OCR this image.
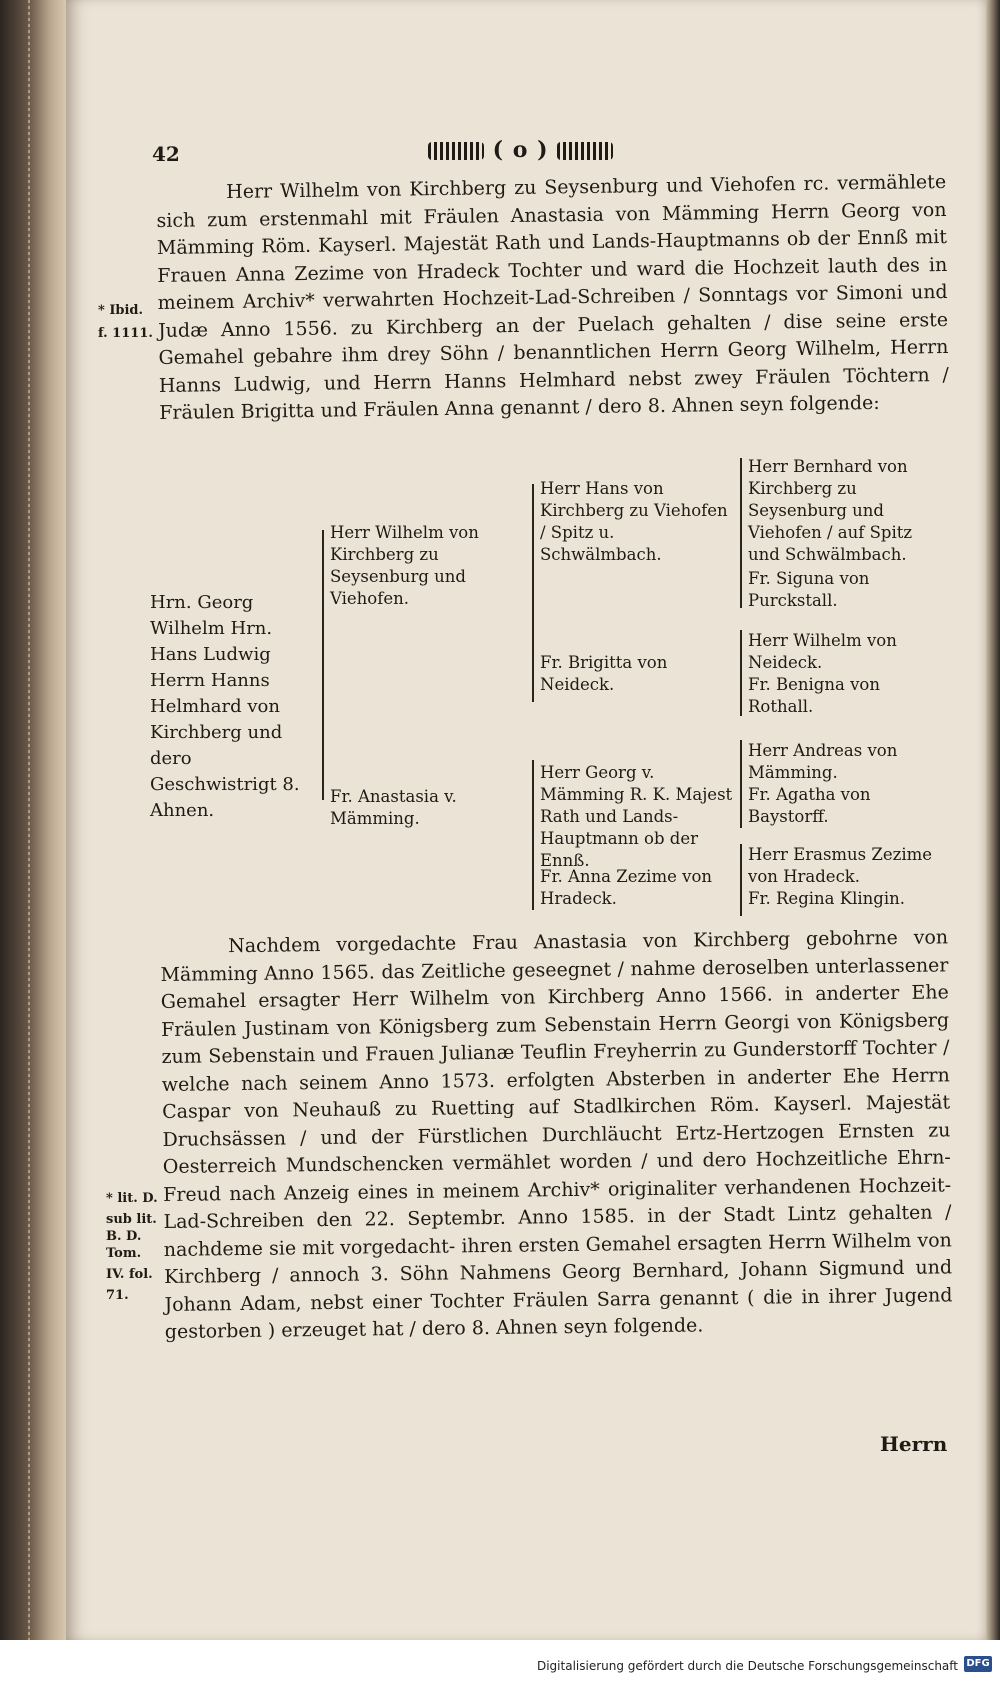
42	( o )
Herr Wilhelm von Kirchberg zu Seysenburg und Viehofen rc. vermählete sich zum erstenmahl mit Fräulen Anastasia von Mämming Herrn Georg von Mämming Röm. Kayserl. Majestät Rath und Lands-Hauptmanns ob der Ennß mit Frauen Anna Zezime von Hradeck Tochter und ward die Hochzeit lauth des in meinem Archiv* verwahrten Hochzeit-Lad-Schreiben / Sonntags vor Simoni und Judæ Anno 1556. zu Kirchberg an der Puelach gehalten / dise seine erste Gemahel gebahre ihm drey Söhn / benanntlichen Herrn Georg Wilhelm, Herrn Hanns Ludwig, und Herrn Hanns Helmhard nebst zwey Fräulen Töchtern / Fräulen Brigitta und Fräulen Anna genannt / dero 8. Ahnen seyn folgende:
* Ibid.
f. 1111.
Hrn. Georg Wilhelm Hrn. Hans Ludwig Herrn Hanns Helmhard von Kirchberg und dero Geschwistrigt 8. Ahnen.
Herr Wilhelm von Kirchberg zu Seysenburg und Viehofen.
Fr. Anastasia v. Mämming.
Herr Hans von Kirchberg zu Viehofen / Spitz u. Schwälmbach.
Fr. Brigitta von Neideck.
Herr Georg v. Mämming R. K. Majest Rath und Lands-Hauptmann ob der Ennß.
Fr. Anna Zezime von Hradeck.
Herr Bernhard von Kirchberg zu Seysenburg und Viehofen / auf Spitz und Schwälmbach.
Fr. Siguna von Purckstall.
Herr Wilhelm von Neideck.
Fr. Benigna von Rothall.
Herr Andreas von Mämming.
Fr. Agatha von Baystorff.
Herr Erasmus Zezime von Hradeck.
Fr. Regina Klingin.
Nachdem vorgedachte Frau Anastasia von Kirchberg gebohrne von Mämming Anno 1565. das Zeitliche geseegnet / nahme deroselben unterlassener Gemahel ersagter Herr Wilhelm von Kirchberg Anno 1566. in anderter Ehe Fräulen Justinam von Königsberg zum Sebenstain Herrn Georgi von Königsberg zum Sebenstain und Frauen Julianæ Teuflin Freyherrin zu Gunderstorff Tochter / welche nach seinem Anno 1573. erfolgten Absterben in anderter Ehe Herrn Caspar von Neuhauß zu Ruetting auf Stadlkirchen Röm. Kayserl. Majestät Druchsässen / und der Fürstlichen Durchläucht Ertz-Hertzogen Ernsten zu Oesterreich Mundschencken vermählet worden / und dero Hochzeitliche Ehrn-Freud nach Anzeig eines in meinem Archiv* originaliter verhandenen Hochzeit-Lad-Schreiben den 22. Septembr. Anno 1585. in der Stadt Lintz gehalten / nachdeme sie mit vorgedacht- ihren ersten Gemahel ersagten Herrn Wilhelm von Kirchberg / annoch 3. Söhn Nahmens Georg Bernhard, Johann Sigmund und Johann Adam, nebst einer Tochter Fräulen Sarra genannt ( die in ihrer Jugend gestorben ) erzeuget hat / dero 8. Ahnen seyn folgende.
* lit. D.
sub lit.
B. D.
Tom.
IV. fol.
71.
Herrn
Digitalisierung gefördert durch die Deutsche Forschungsgemeinschaft DFG
